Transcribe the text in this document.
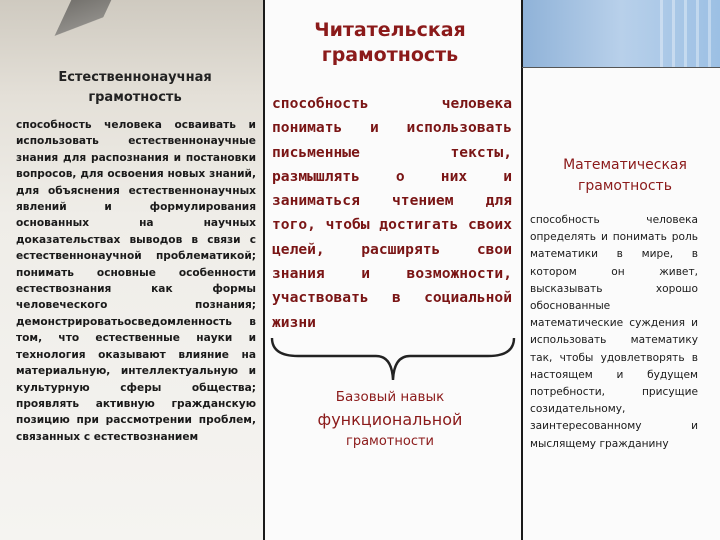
Естественнонаучная грамотность
способность человека осваивать и использовать естественнонаучные знания для распознания и постановки вопросов, для освоения новых знаний, для объяснения естественнонаучных явлений и формулирования основанных на научных доказательствах выводов в связи с естественнонаучной проблематикой; понимать основные особенности естествознания как формы человеческого познания; демонстрироватьосведомленность в том, что естественные науки и технология оказывают влияние на материальную, интеллектуальную и культурную сферы общества; проявлять активную гражданскую позицию при рассмотрении проблем, связанных с естествознанием
Читательская грамотность
способность человека понимать и использовать письменные тексты, размышлять о них и заниматься чтением для того, чтобы достигать своих целей, расширять свои знания и возможности, участвовать в социальной жизни
Базовый навык
функциональной
грамотности
Математическая грамотность
способность человека определять и понимать роль математики в мире, в котором он живет, высказывать хорошо обоснованные математические суждения и использовать математику так, чтобы удовлетворять в настоящем и будущем потребности, присущие созидательному, заинтересованному и мыслящему гражданину
